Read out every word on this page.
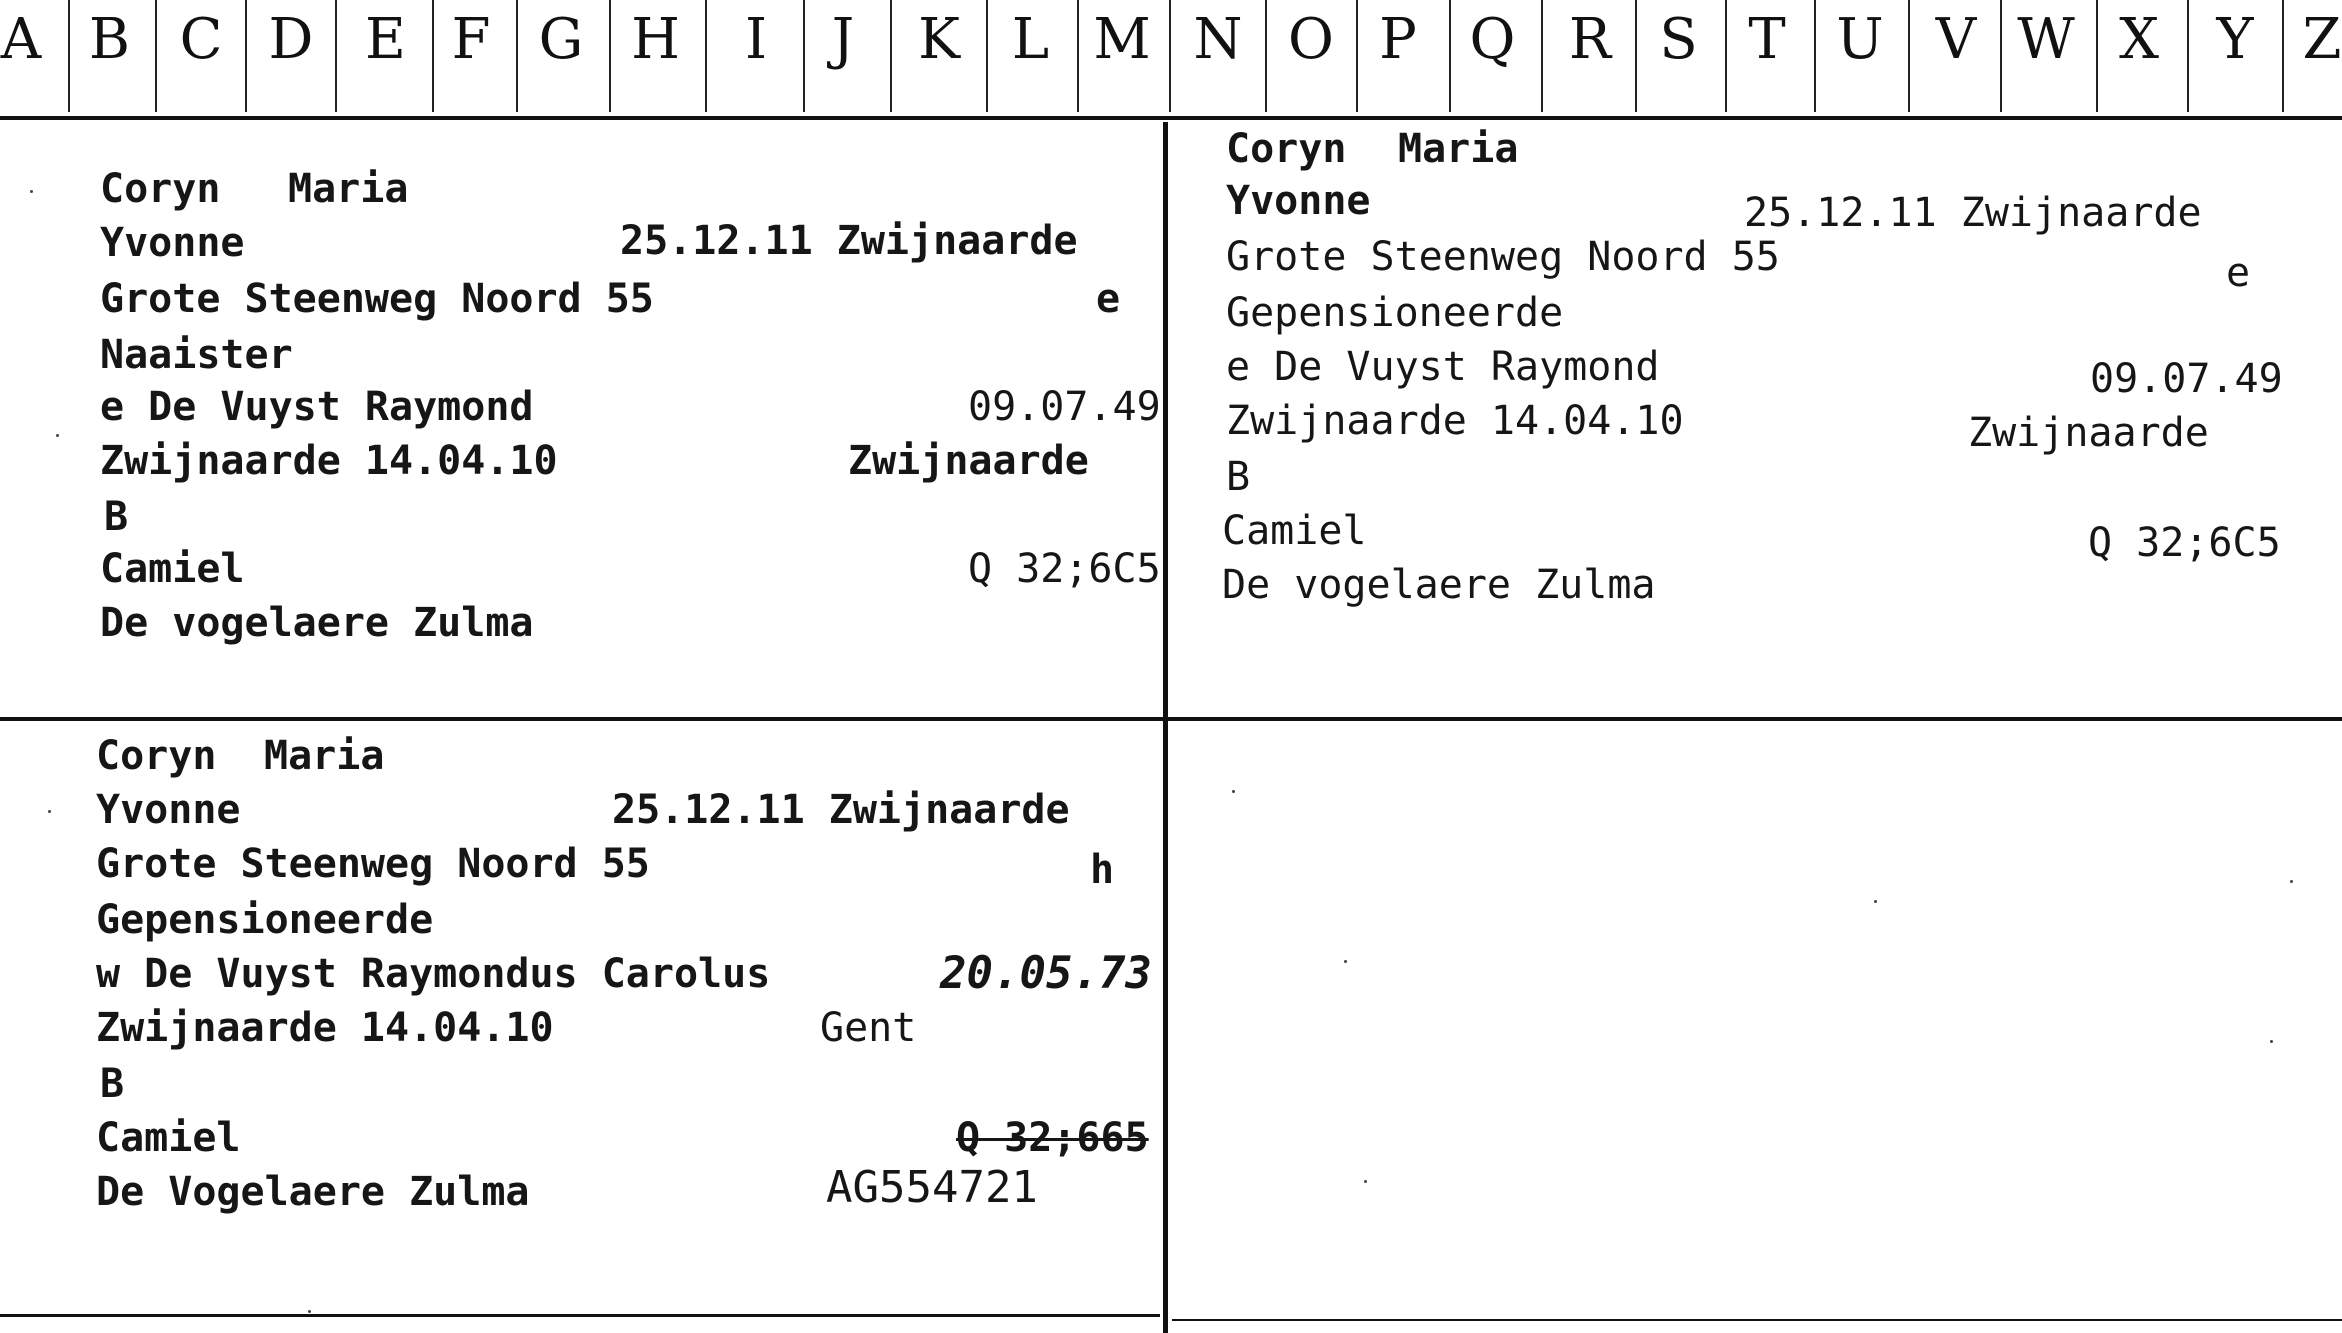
A B C D E F G H	I	J	K L M N O P Q R S T U V W X Y Z
Coryn Maria
Yvonne	25.12.11 Zwijnaarde
Grote Steenweg Noord 55	e
Naaister
e De Vuyst Raymond	09.07.49
Zwijnaarde 14.04.10	Zwijnaarde
B
Camiel	Q 32;6C5
De vogelaere Zulma
Coryn Maria
Yvonne	25.12.11 Zwijnaarde
Grote Steenweg Noord 55	e
Gepensioneerde
e De Vuyst Raymond	09.07.49
Zwijnaarde 14.04.10	Zwijnaarde
B
Camiel	Q 32;6C5
De vogelaere Zulma
Coryn Maria
Yvonne	25.12.11 Zwijnaarde
Grote Steenweg Noord 55	h
Gepensioneerde
w De Vuyst Raymondus Carolus	20.05.73
Zwijnaarde 14.04.10	Gent
B
Camiel	Q 32;665
De Vogelaere Zulma	AG554721
